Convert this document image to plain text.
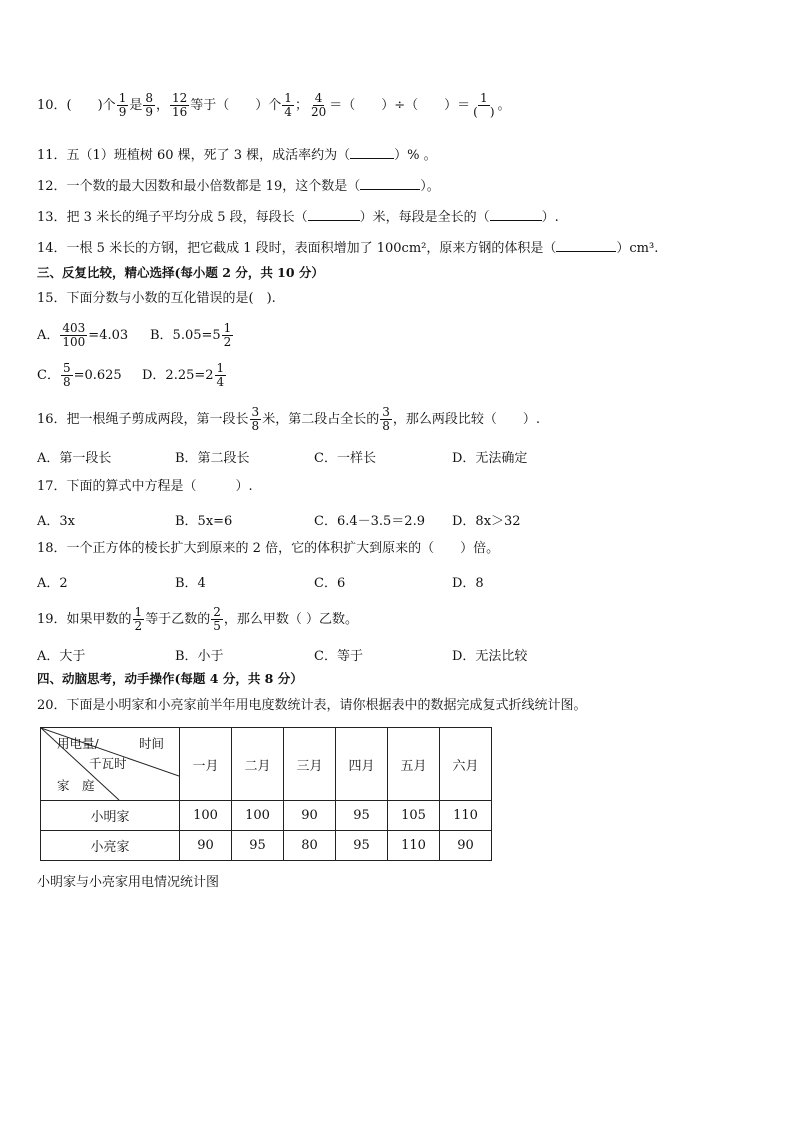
10．(　　)个 $\frac{1}{9}$ 是 $\frac{8}{9}$ ， $\frac{12}{16}$ 等于（　　）个 $\frac{1}{4}$ ； $\frac{4}{20}$ ＝（　　）÷（　　）＝ $\frac{1}{( )}$ 。
11．五（1）班植树 60 棵，死了 3 棵，成活率约为（	）% 。
12．一个数的最大因数和最小倍数都是 19，这个数是（	）。
13．把 3 米长的绳子平均分成 5 段，每段长（	）米，每段是全长的（	）.
14．一根 5 米长的方钢，把它截成 1 段时，表面积增加了 100cm²，原来方钢的体积是（	）cm³.
三、反复比较，精心选择(每小题 2 分，共 10 分）
15．下面分数与小数的互化错误的是(　).
A． $\frac{403}{100} =4.03$ B．$5.05=5 \frac{1}{2}$
C． $\frac{5}{8} =0.625$ D．$2.25=2 \frac{1}{4}$
16．把一根绳子剪成两段，第一段长 $\frac{3}{8}$ 米，第二段占全长的 $\frac{3}{8}$ ，那么两段比较（　　）.
A．第一段长	B．第二段长	C．一样长	D．无法确定
17．下面的算式中方程是（　　　）.
A．3x	B．5x=6	C．6.4－3.5＝2.9 D．8x＞32
18．一个正方体的棱长扩大到原来的 2 倍，它的体积扩大到原来的（　　）倍。
A．2	B．4	C．6	D．8
19．如果甲数的 $\frac{1}{2}$ 等于乙数的 $\frac{2}{5}$ ，那么甲数（ ）乙数。
A．大于	B．小于	C．等于	D．无法比较
四、动脑思考，动手操作(每题 4 分，共 8 分）
20．下面是小明家和小亮家前半年用电度数统计表，请你根据表中的数据完成复式折线统计图。
用电量/ 时间
千瓦时
家　庭	一月	二月	三月	四月	五月	六月
小明家	100	100	90	95	105	110
小亮家	90	95	80	95	110	90
小明家与小亮家用电情况统计图
